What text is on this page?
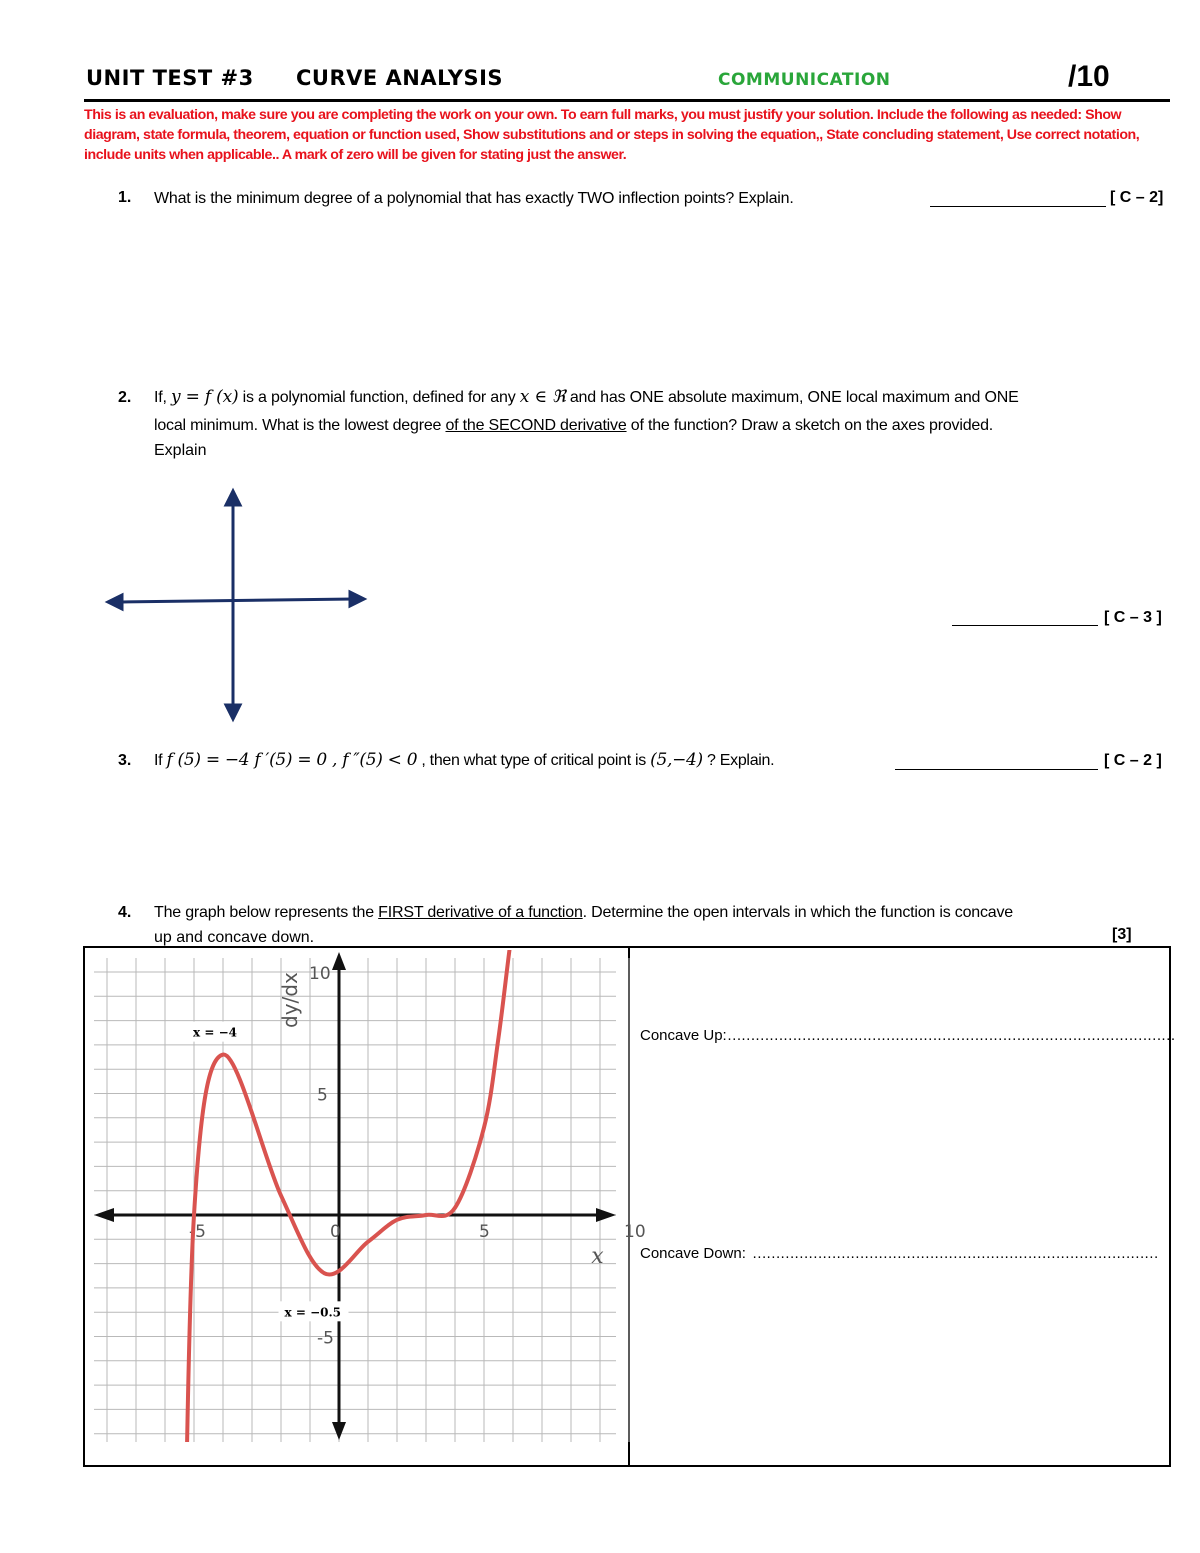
UNIT TEST #3 CURVE ANALYSIS	COMMUNICATION	/10
This is an evaluation, make sure you are completing the work on your own. To earn full marks, you must justify your solution. Include the following as needed: Show diagram, state formula, theorem, equation or function used, Show substitutions and or steps in solving the equation,, State concluding statement, Use correct notation, include units when applicable.. A mark of zero will be given for stating just the answer.
1. What is the minimum degree of a polynomial that has exactly TWO inflection points? Explain.	[ C – 2]
2. If, y = f (x) is a polynomial function, defined for any x ∈ ℜ and has ONE absolute maximum, ONE local maximum and ONE
local minimum. What is the lowest degree of the SECOND derivative of the function? Draw a sketch on the axes provided.
Explain
[ C – 3 ]
3. If f (5) = −4 f ′(5) = 0 , f ″(5) < 0 , then what type of critical point is (5,−4) ? Explain.	[ C – 2 ]
4. The graph below represents the FIRST derivative of a function. Determine the open intervals in which the function is concave
up and concave down.	[3]
-5	0	5	10
-5
5
10
dy/dx
x
x = −4
x = −0.5
Concave Up:……………………………………………………………………………………
Concave Down: ……………………………………………………………………………
